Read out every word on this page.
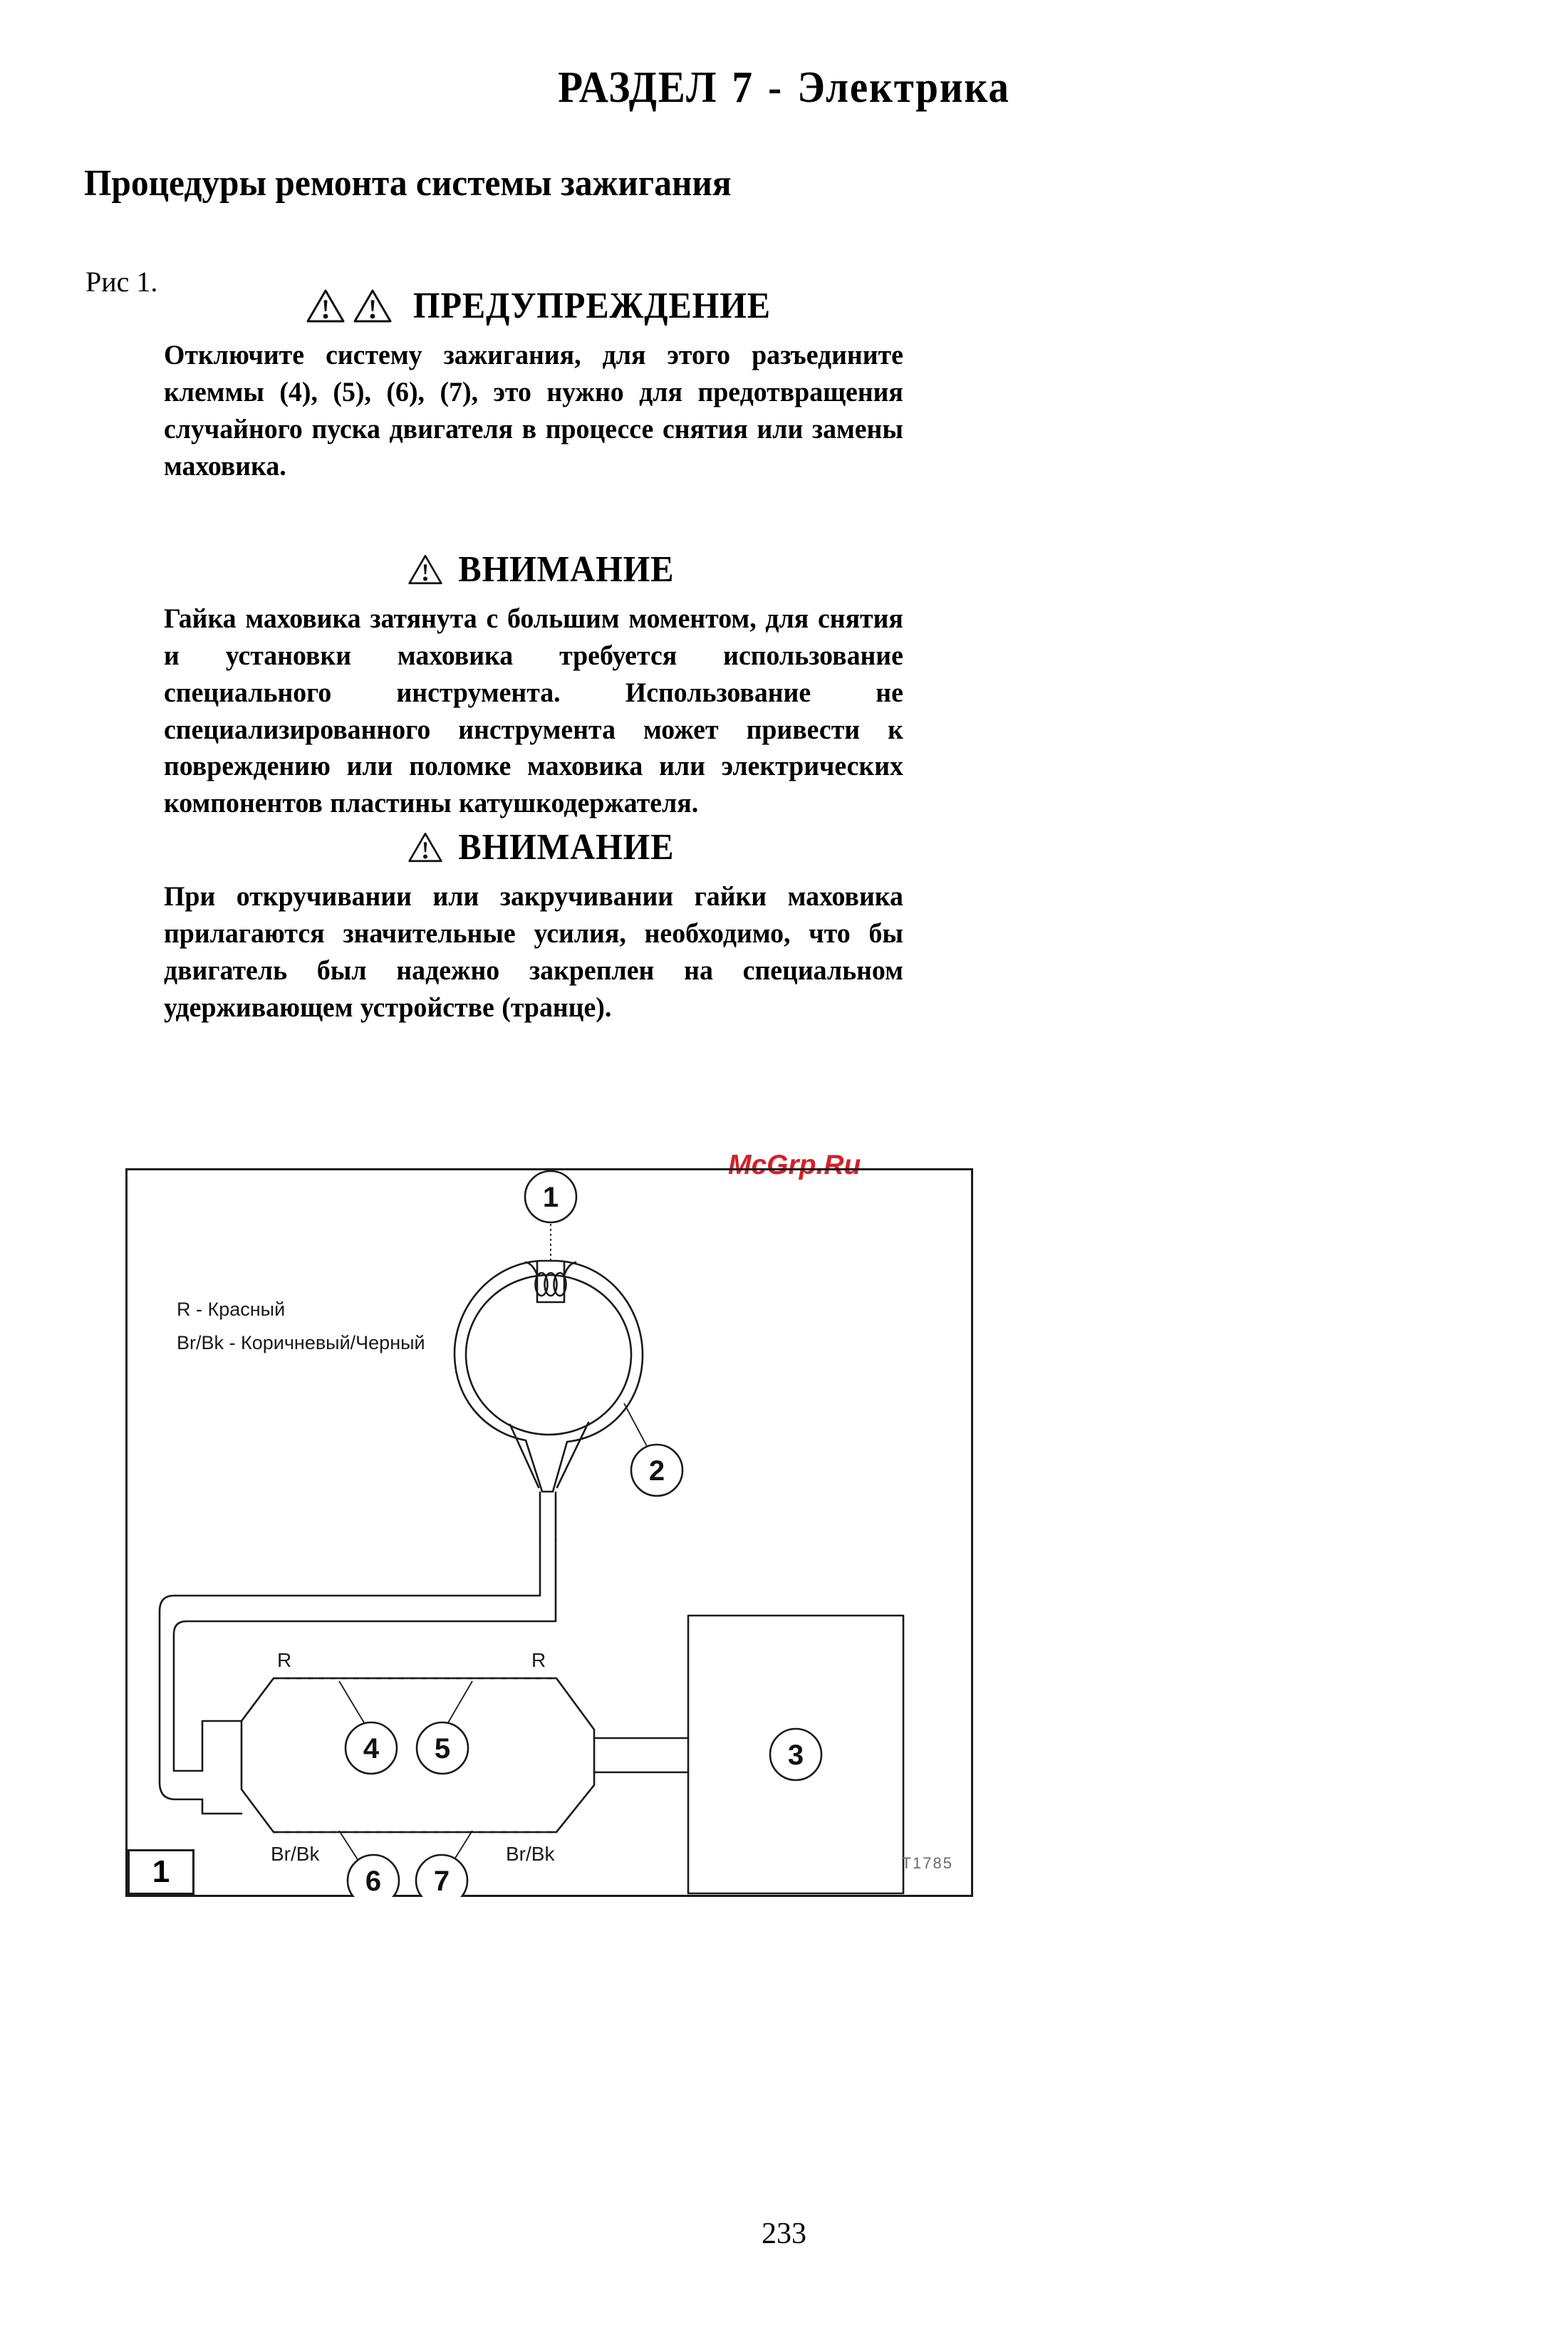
РАЗДЕЛ 7 - Электрика
Процедуры ремонта системы зажигания
Рис 1.
ПРЕДУПРЕЖДЕНИЕ
Отключите систему зажигания, для этого разъедините клеммы (4), (5), (6), (7), это нужно для предотвращения случайного пуска двигателя в процессе снятия или замены маховика.
ВНИМАНИЕ
Гайка маховика затянута с большим моментом, для снятия и установки маховика требуется использование специального инструмента. Использование не специализированного инструмента может привести к повреждению или поломке маховика или электрических компонентов пластины катушкодержателя.
ВНИМАНИЕ
При откручивании или закручивании гайки маховика прилагаются значительные усилия, необходимо, что бы двигатель был надежно закреплен на специальном удерживающем устройстве (транце).
McGrp.Ru
1
2
3
4 5
6 7
R	R
Br/Bk	Br/Bk
R - Красный
Br/Bk - Коричневый/Черный
1	T1785
233
